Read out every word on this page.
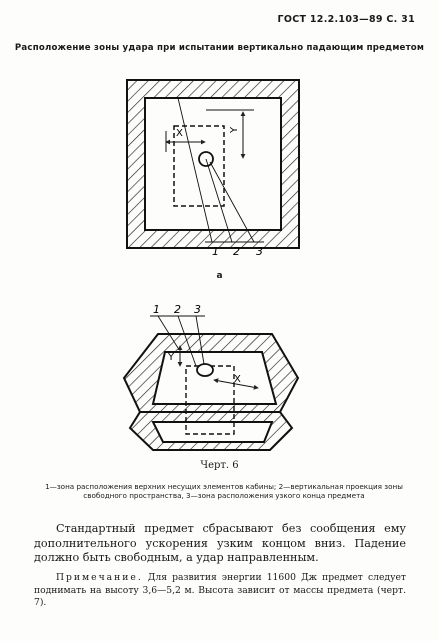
ГОСТ 12.2.103—89 С. 31
Расположение зоны удара при испытании вертикально падающим предметом
X	Y
1 2 3
а
Y
X
1 2 3
Черт. 6
1—зона расположения верхних несущих элементов кабины; 2—вертикальная проекция зоны свободного пространства, 3—зона расположения узкого конца предмета
Стандартный предмет сбрасывают без сообщения ему дополнительного ускорения узким концом вниз. Падение должно быть свободным, а удар направленным.
Примечание. Для развития энергии 11600 Дж предмет следует поднимать на высоту 3,6—5,2 м. Высота зависит от массы предмета (черт. 7).
